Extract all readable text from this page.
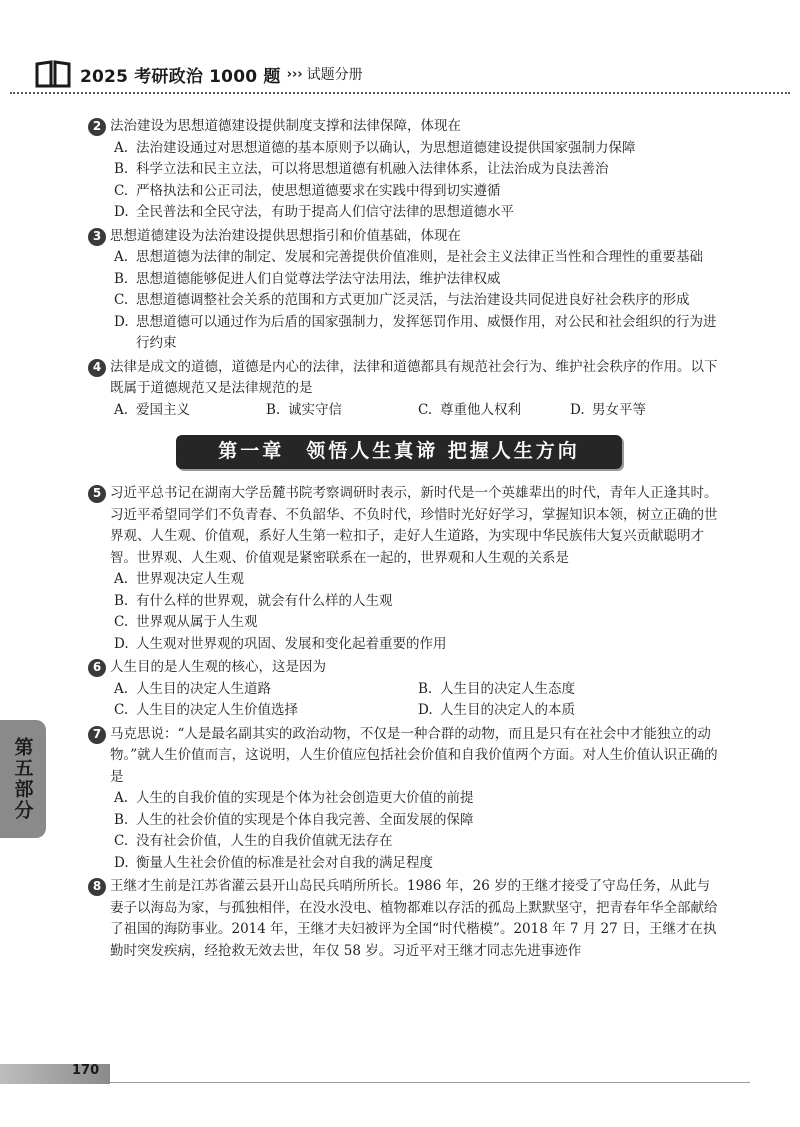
2025 考研政治 1000 题 ››› 试题分册
2 法治建设为思想道德建设提供制度支撑和法律保障，体现在
A. 法治建设通过对思想道德的基本原则予以确认，为思想道德建设提供国家强制力保障
B. 科学立法和民主立法，可以将思想道德有机融入法律体系，让法治成为良法善治
C. 严格执法和公正司法，使思想道德要求在实践中得到切实遵循
D. 全民普法和全民守法，有助于提高人们信守法律的思想道德水平
3 思想道德建设为法治建设提供思想指引和价值基础，体现在
A. 思想道德为法律的制定、发展和完善提供价值准则，是社会主义法律正当性和合理性的重要基础
B. 思想道德能够促进人们自觉尊法学法守法用法，维护法律权威
C. 思想道德调整社会关系的范围和方式更加广泛灵活，与法治建设共同促进良好社会秩序的形成
D. 思想道德可以通过作为后盾的国家强制力，发挥惩罚作用、威慑作用，对公民和社会组织的行为进行约束
4 法律是成文的道德，道德是内心的法律，法律和道德都具有规范社会行为、维护社会秩序的作用。以下既属于道德规范又是法律规范的是
A. 爱国主义	B. 诚实守信	C. 尊重他人权利	D. 男女平等
第一章　领悟人生真谛 把握人生方向
5 习近平总书记在湖南大学岳麓书院考察调研时表示，新时代是一个英雄辈出的时代，青年人正逢其时。习近平希望同学们不负青春、不负韶华、不负时代，珍惜时光好好学习，掌握知识本领，树立正确的世界观、人生观、价值观，系好人生第一粒扣子，走好人生道路，为实现中华民族伟大复兴贡献聪明才智。世界观、人生观、价值观是紧密联系在一起的，世界观和人生观的关系是
A. 世界观决定人生观
B. 有什么样的世界观，就会有什么样的人生观
C. 世界观从属于人生观
D. 人生观对世界观的巩固、发展和变化起着重要的作用
6 人生目的是人生观的核心，这是因为
A. 人生目的决定人生道路	B. 人生目的决定人生态度
C. 人生目的决定人生价值选择	D. 人生目的决定人的本质
7 马克思说：“人是最名副其实的政治动物，不仅是一种合群的动物，而且是只有在社会中才能独立的动物。”就人生价值而言，这说明，人生价值应包括社会价值和自我价值两个方面。对人生价值认识正确的是
A. 人生的自我价值的实现是个体为社会创造更大价值的前提
B. 人生的社会价值的实现是个体自我完善、全面发展的保障
C. 没有社会价值，人生的自我价值就无法存在
D. 衡量人生社会价值的标准是社会对自我的满足程度
8 王继才生前是江苏省灌云县开山岛民兵哨所所长。1986 年，26 岁的王继才接受了守岛任务，从此与妻子以海岛为家，与孤独相伴，在没水没电、植物都难以存活的孤岛上默默坚守，把青春年华全部献给了祖国的海防事业。2014 年，王继才夫妇被评为全国“时代楷模”。2018 年 7 月 27 日，王继才在执勤时突发疾病，经抢救无效去世，年仅 58 岁。习近平对王继才同志先进事迹作
第五部分
170
